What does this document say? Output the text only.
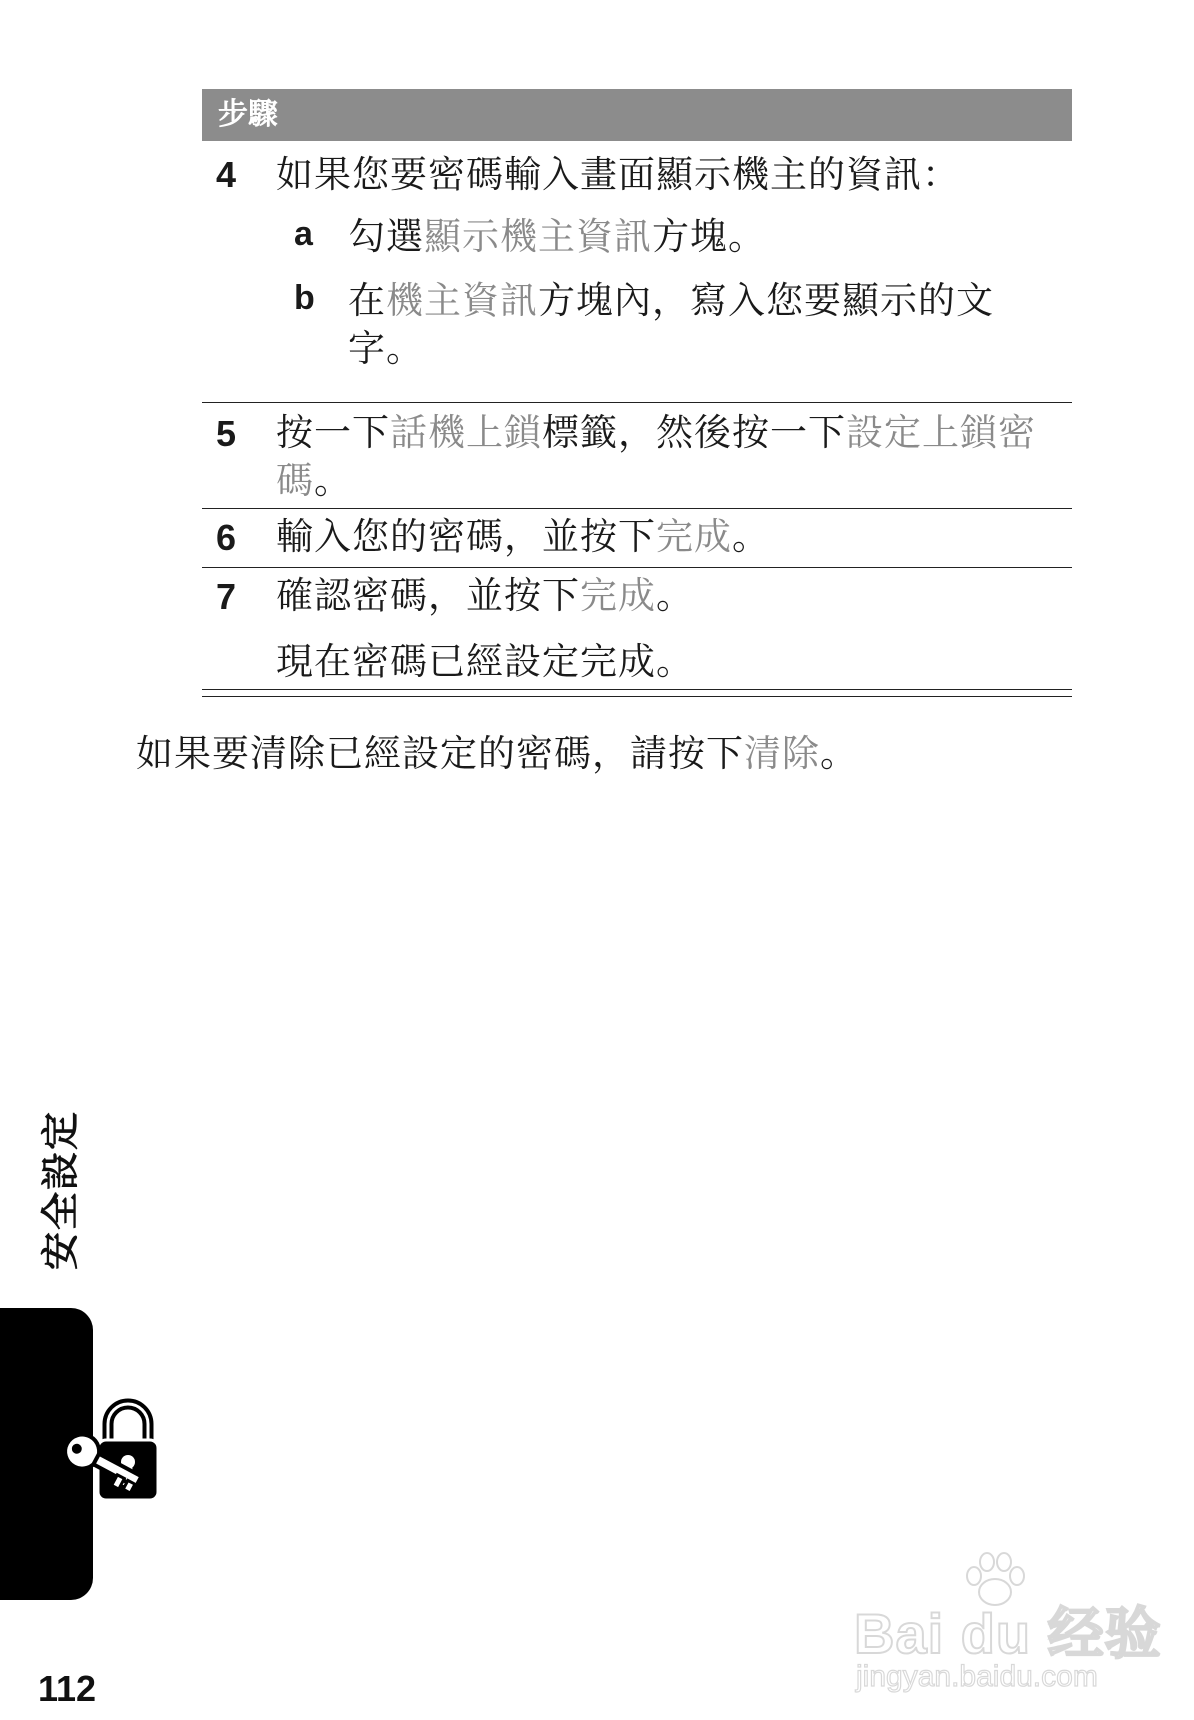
步驟
4 如果您要密碼輸入畫面顯示機主的資訊：
a 勾選顯示機主資訊方塊。
b 在機主資訊方塊內，寫入您要顯示的文字。
5 按一下話機上鎖標籤，然後按一下設定上鎖密碼。
6 輸入您的密碼，並按下完成。
7 確認密碼，並按下完成。
現在密碼已經設定完成。
如果要清除已經設定的密碼，請按下清除。
安全設定
112
Bai du 经验
jingyan.baidu.com
